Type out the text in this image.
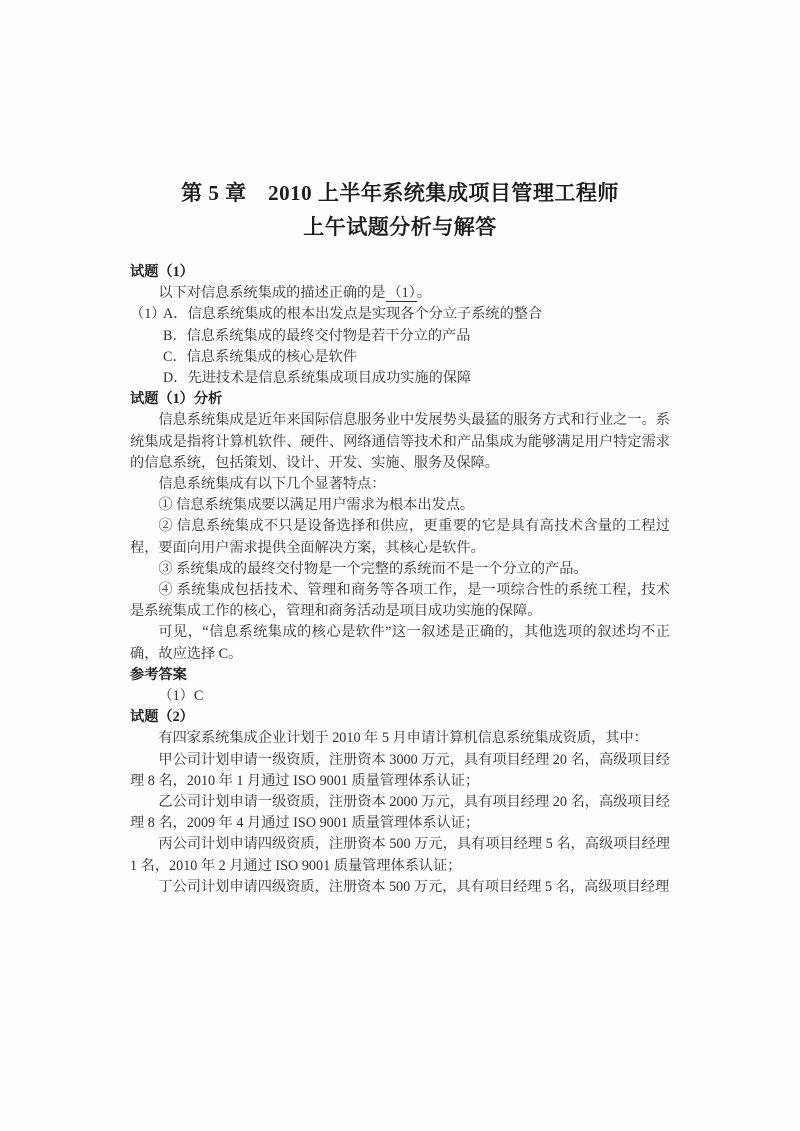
第 5 章　2010 上半年系统集成项目管理工程师
上午试题分析与解答
试题（1）

以下对信息系统集成的描述正确的是 （1）。

（1）A．信息系统集成的根本出发点是实现各个分立子系统的整合
B．信息系统集成的最终交付物是若干分立的产品
C．信息系统集成的核心是软件
D．先进技术是信息系统集成项目成功实施的保障
试题（1）分析

信息系统集成是近年来国际信息服务业中发展势头最猛的服务方式和行业之一。系统集成是指将计算机软件、硬件、网络通信等技术和产品集成为能够满足用户特定需求的信息系统，包括策划、设计、开发、实施、服务及保障。

信息系统集成有以下几个显著特点：

① 信息系统集成要以满足用户需求为根本出发点。

② 信息系统集成不只是设备选择和供应，更重要的它是具有高技术含量的工程过程，要面向用户需求提供全面解决方案，其核心是软件。

③ 系统集成的最终交付物是一个完整的系统而不是一个分立的产品。

④ 系统集成包括技术、管理和商务等各项工作，是一项综合性的系统工程，技术是系统集成工作的核心，管理和商务活动是项目成功实施的保障。

可见，“信息系统集成的核心是软件”这一叙述是正确的，其他选项的叙述均不正确，故应选择 C。

参考答案

（1）C

试题（2）

有四家系统集成企业计划于 2010 年 5 月申请计算机信息系统集成资质，其中：

甲公司计划申请一级资质，注册资本 3000 万元，具有项目经理 20 名，高级项目经理 8 名，2010 年 1 月通过 ISO 9001 质量管理体系认证；

乙公司计划申请一级资质，注册资本 2000 万元，具有项目经理 20 名，高级项目经理 8 名，2009 年 4 月通过 ISO 9001 质量管理体系认证；

丙公司计划申请四级资质，注册资本 500 万元，具有项目经理 5 名，高级项目经理 1 名，2010 年 2 月通过 ISO 9001 质量管理体系认证；

丁公司计划申请四级资质，注册资本 500 万元，具有项目经理 5 名，高级项目经理
